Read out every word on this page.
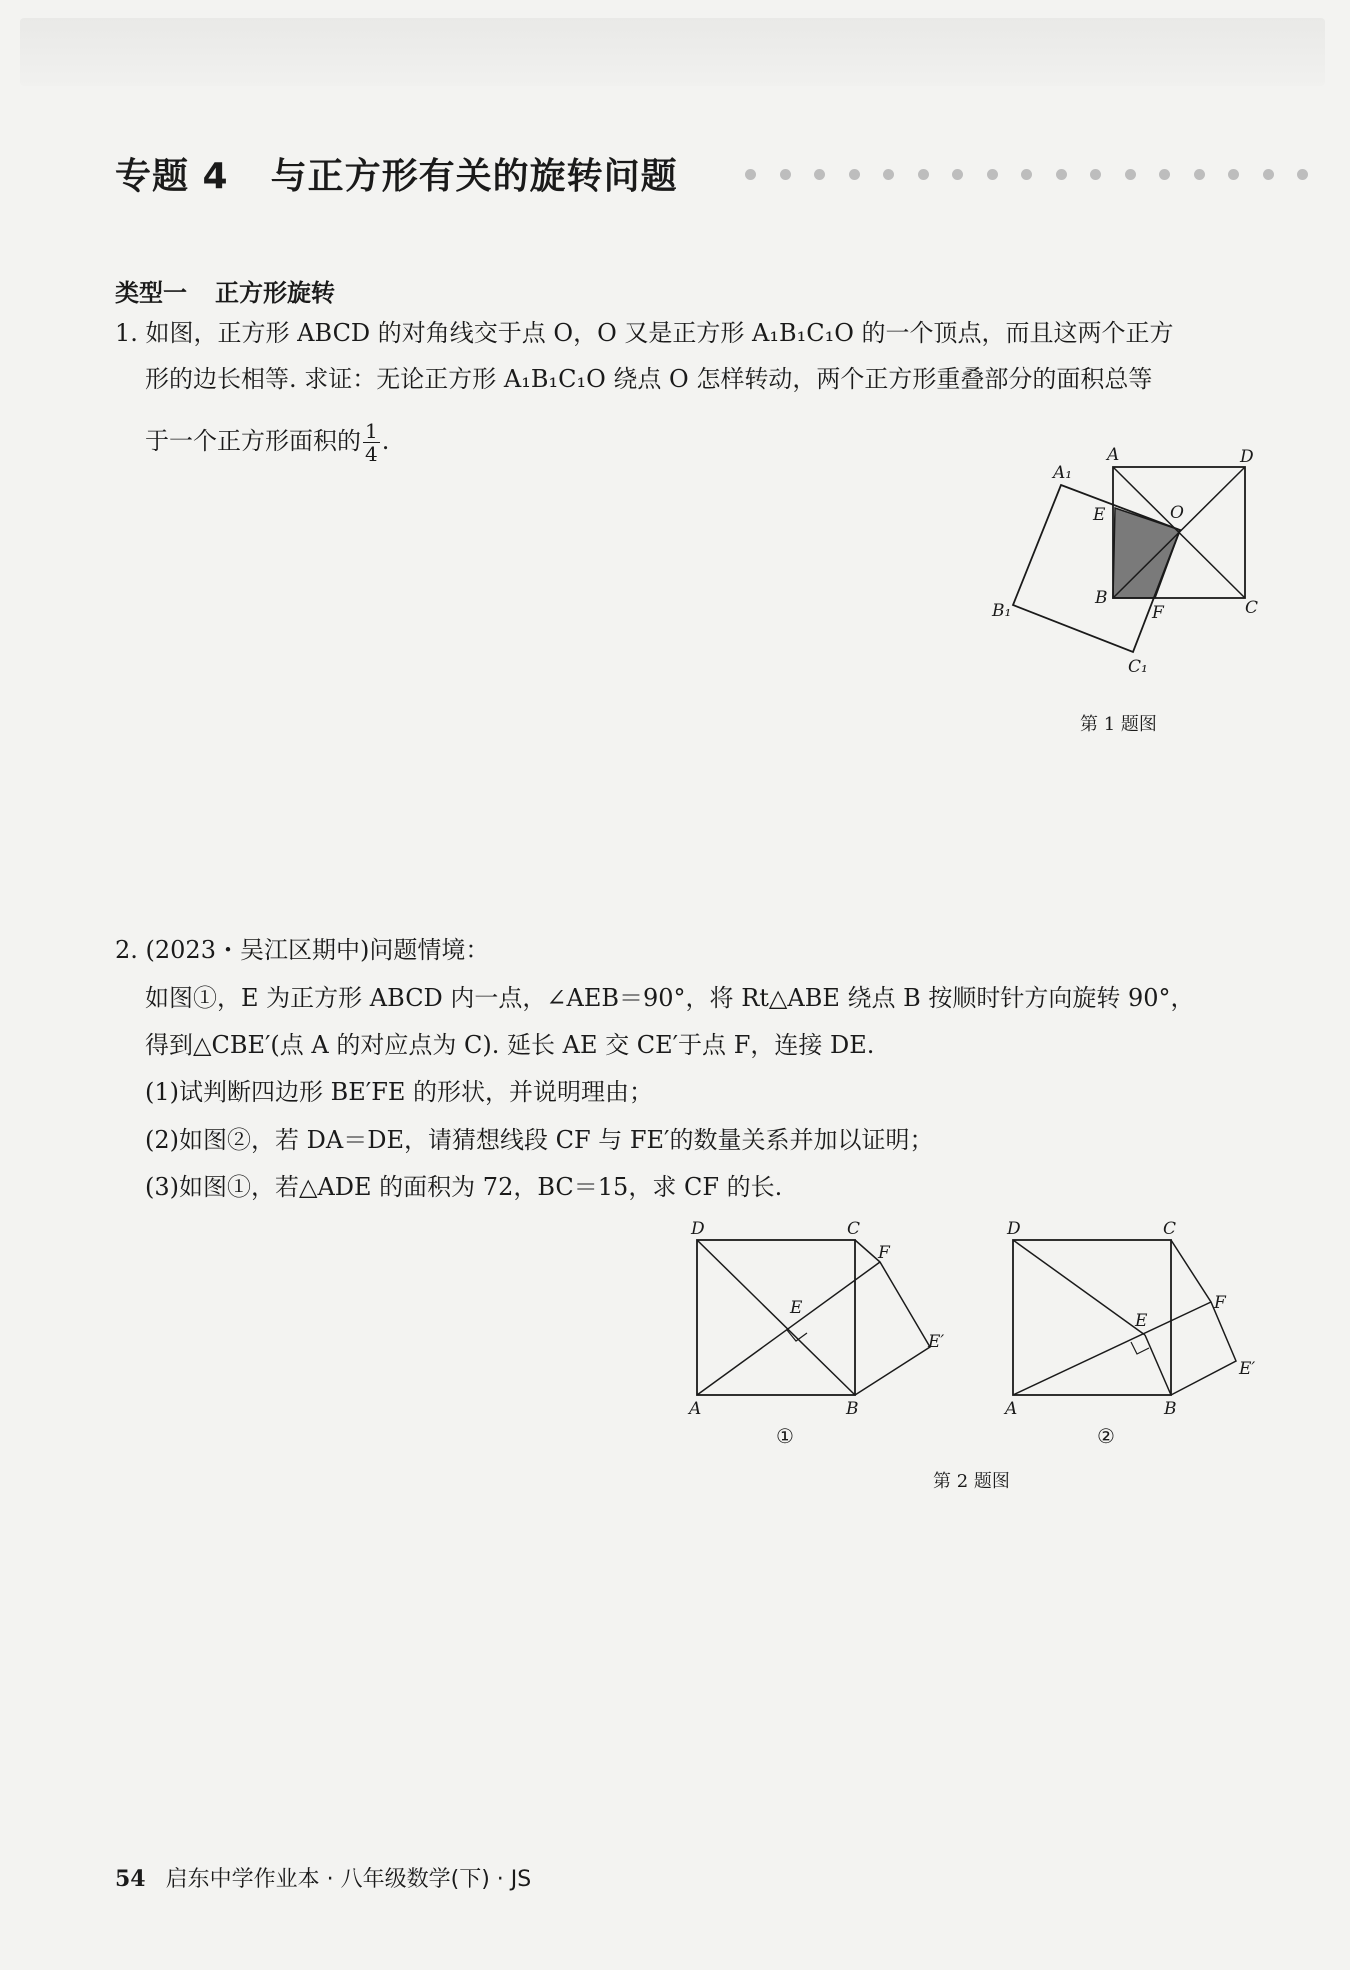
专题 4 与正方形有关的旋转问题
类型一 正方形旋转
1. 如图，正方形 ABCD 的对角线交于点 O，O 又是正方形 A₁B₁C₁O 的一个顶点，而且这两个正方
形的边长相等. 求证：无论正方形 A₁B₁C₁O 绕点 O 怎样转动，两个正方形重叠部分的面积总等
于一个正方形面积的 $\frac{1}{4}$ .	A	D
A₁
E	O
B
F	C
B₁
C₁
第 1 题图
2. (2023・吴江区期中)问题情境：
如图①，E 为正方形 ABCD 内一点，∠AEB＝90°，将 Rt△ABE 绕点 B 按顺时针方向旋转 90°，
得到△CBE′(点 A 的对应点为 C). 延长 AE 交 CE′于点 F，连接 DE.
(1)试判断四边形 BE′FE 的形状，并说明理由；
(2)如图②，若 DA＝DE，请猜想线段 CF 与 FE′的数量关系并加以证明；
(3)如图①，若△ADE 的面积为 72，BC＝15，求 CF 的长.
D	C
F
E
E′
A	B
①
D	C
F
E
E′
A	B
②
第 2 题图
54 启东中学作业本 · 八年级数学(下) · JS
